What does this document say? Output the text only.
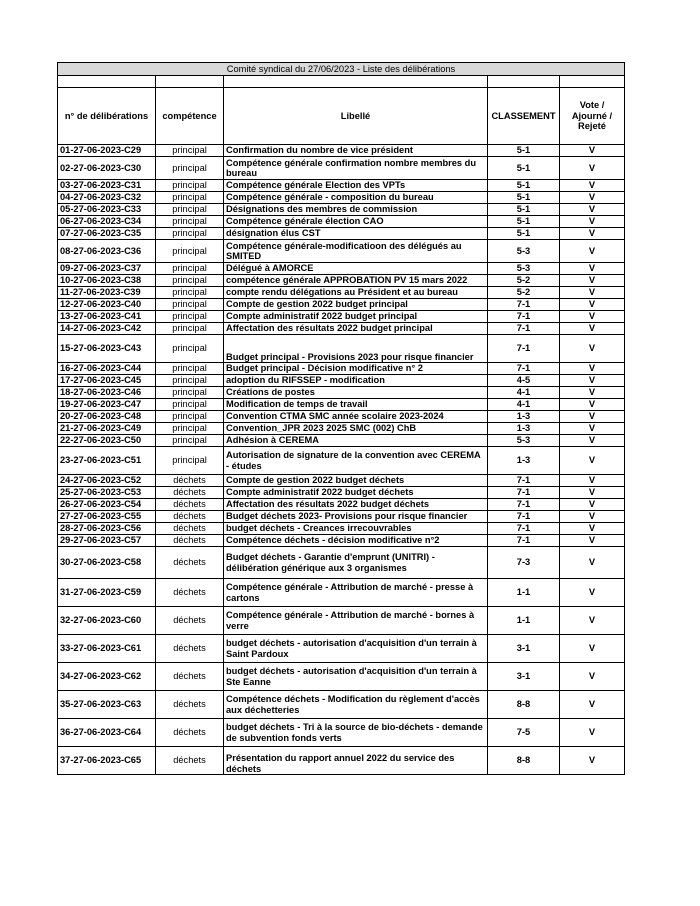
Comité syndical du 27/06/2023 - Liste des délibérations				

n° de délibérations	compétence	Libellé	CLASSEMENT	Vote / Ajourné / Rejeté
01-27-06-2023-C29	principal	Confirmation du nombre de vice président	5-1	V
02-27-06-2023-C30	principal	Compétence générale confirmation nombre membres du bureau	5-1	V
03-27-06-2023-C31	principal	Compétence générale Election des VPTs	5-1	V
04-27-06-2023-C32	principal	Compétence générale - composition du bureau	5-1	V
05-27-06-2023-C33	principal	Désignations des membres de commission	5-1	V
06-27-06-2023-C34	principal	Compétence générale élection CAO	5-1	V
07-27-06-2023-C35	principal	désignation élus CST	5-1	V
08-27-06-2023-C36	principal	Compétence générale-modificatioon des délégués au SMITED	5-3	V
09-27-06-2023-C37	principal	Délégué à AMORCE	5-3	V
10-27-06-2023-C38	principal	compétence générale APPROBATION PV 15 mars 2022	5-2	V
11-27-06-2023-C39	principal	compte rendu délégations au Président et au bureau	5-2	V
12-27-06-2023-C40	principal	Compte de gestion 2022 budget principal	7-1	V
13-27-06-2023-C41	principal	Compte administratif 2022 budget principal	7-1	V
14-27-06-2023-C42	principal	Affectation des résultats 2022 budget principal	7-1	V
15-27-06-2023-C43	principal	Budget principal - Provisions 2023 pour risque financier	7-1	V
16-27-06-2023-C44	principal	Budget principal - Décision modificative n° 2	7-1	V
17-27-06-2023-C45	principal	adoption du RIFSSEP - modification	4-5	V
18-27-06-2023-C46	principal	Créations de postes	4-1	V
19-27-06-2023-C47	principal	Modification de temps de travail	4-1	V
20-27-06-2023-C48	principal	Convention CTMA SMC année scolaire 2023-2024	1-3	V
21-27-06-2023-C49	principal	Convention_JPR 2023 2025 SMC (002) ChB	1-3	V
22-27-06-2023-C50	principal	Adhésion à CEREMA	5-3	V
23-27-06-2023-C51	principal	Autorisation de signature de la convention avec CEREMA - études	1-3	V
24-27-06-2023-C52	déchets	Compte de gestion 2022 budget déchets	7-1	V
25-27-06-2023-C53	déchets	Compte administratif 2022 budget déchets	7-1	V
26-27-06-2023-C54	déchets	Affectation des résultats 2022 budget déchets	7-1	V
27-27-06-2023-C55	déchets	Budget déchets 2023- Provisions pour risque financier	7-1	V
28-27-06-2023-C56	déchets	budget déchets - Creances irrecouvrables	7-1	V
29-27-06-2023-C57	déchets	Compétence déchets - décision modificative n°2	7-1	V
30-27-06-2023-C58	déchets	Budget déchets - Garantie d'emprunt (UNITRI) - délibération générique aux 3 organismes	7-3	V
31-27-06-2023-C59	déchets	Compétence générale - Attribution de marché - presse à cartons	1-1	V
32-27-06-2023-C60	déchets	Compétence générale - Attribution de marché - bornes à verre	1-1	V
33-27-06-2023-C61	déchets	budget déchets - autorisation d'acquisition d'un terrain à Saint Pardoux	3-1	V
34-27-06-2023-C62	déchets	budget déchets - autorisation d'acquisition d'un terrain à Ste Eanne	3-1	V
35-27-06-2023-C63	déchets	Compétence déchets - Modification du règlement d'accès aux déchetteries	8-8	V
36-27-06-2023-C64	déchets	budget déchets - Tri à la source de bio-déchets - demande de subvention fonds verts	7-5	V
37-27-06-2023-C65	déchets	Présentation du rapport annuel 2022 du service des déchets	8-8	V
